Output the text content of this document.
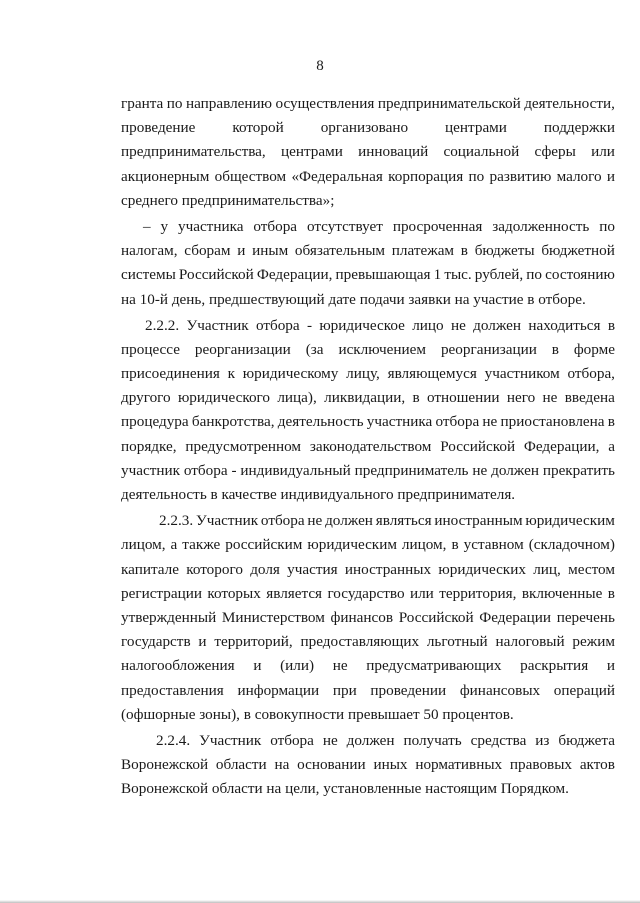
8
гранта по направлению осуществления предпринимательской деятельности,
проведение которой организовано центрами поддержки
предпринимательства, центрами инноваций социальной сферы или
акционерным обществом «Федеральная корпорация по развитию малого и
среднего предпринимательства»;
– у участника отбора отсутствует просроченная задолженность по
налогам, сборам и иным обязательным платежам в бюджеты бюджетной
системы Российской Федерации, превышающая 1 тыс. рублей, по состоянию
на 10-й день, предшествующий дате подачи заявки на участие в отборе.
2.2.2. Участник отбора - юридическое лицо не должен находиться в
процессе реорганизации (за исключением реорганизации в форме
присоединения к юридическому лицу, являющемуся участником отбора,
другого юридического лица), ликвидации, в отношении него не введена
процедура банкротства, деятельность участника отбора не приостановлена в
порядке, предусмотренном законодательством Российской Федерации, а
участник отбора - индивидуальный предприниматель не должен прекратить
деятельность в качестве индивидуального предпринимателя.
2.2.3. Участник отбора не должен являться иностранным юридическим
лицом, а также российским юридическим лицом, в уставном (складочном)
капитале которого доля участия иностранных юридических лиц, местом
регистрации которых является государство или территория, включенные в
утвержденный Министерством финансов Российской Федерации перечень
государств и территорий, предоставляющих льготный налоговый режим
налогообложения и (или) не предусматривающих раскрытия и
предоставления информации при проведении финансовых операций
(офшорные зоны), в совокупности превышает 50 процентов.
2.2.4. Участник отбора не должен получать средства из бюджета
Воронежской области на основании иных нормативных правовых актов
Воронежской области на цели, установленные настоящим Порядком.
